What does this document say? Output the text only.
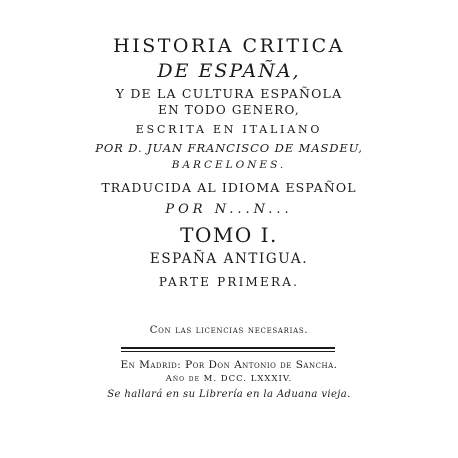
HISTORIA CRITICA
DE ESPAÑA,
Y DE LA CULTURA ESPAÑOLA
EN TODO GENERO,
ESCRITA EN ITALIANO
POR D. JUAN FRANCISCO DE MASDEU,
BARCELONES.
TRADUCIDA AL IDIOMA ESPAÑOL
POR N...N...
TOMO I.
ESPAÑA ANTIGUA.
PARTE PRIMERA.
Con las licencias necesarias.
En Madrid: Por Don Antonio de Sancha.
Año de M. DCC. LXXXIV.
Se hallará en su Librería en la Aduana vieja.
